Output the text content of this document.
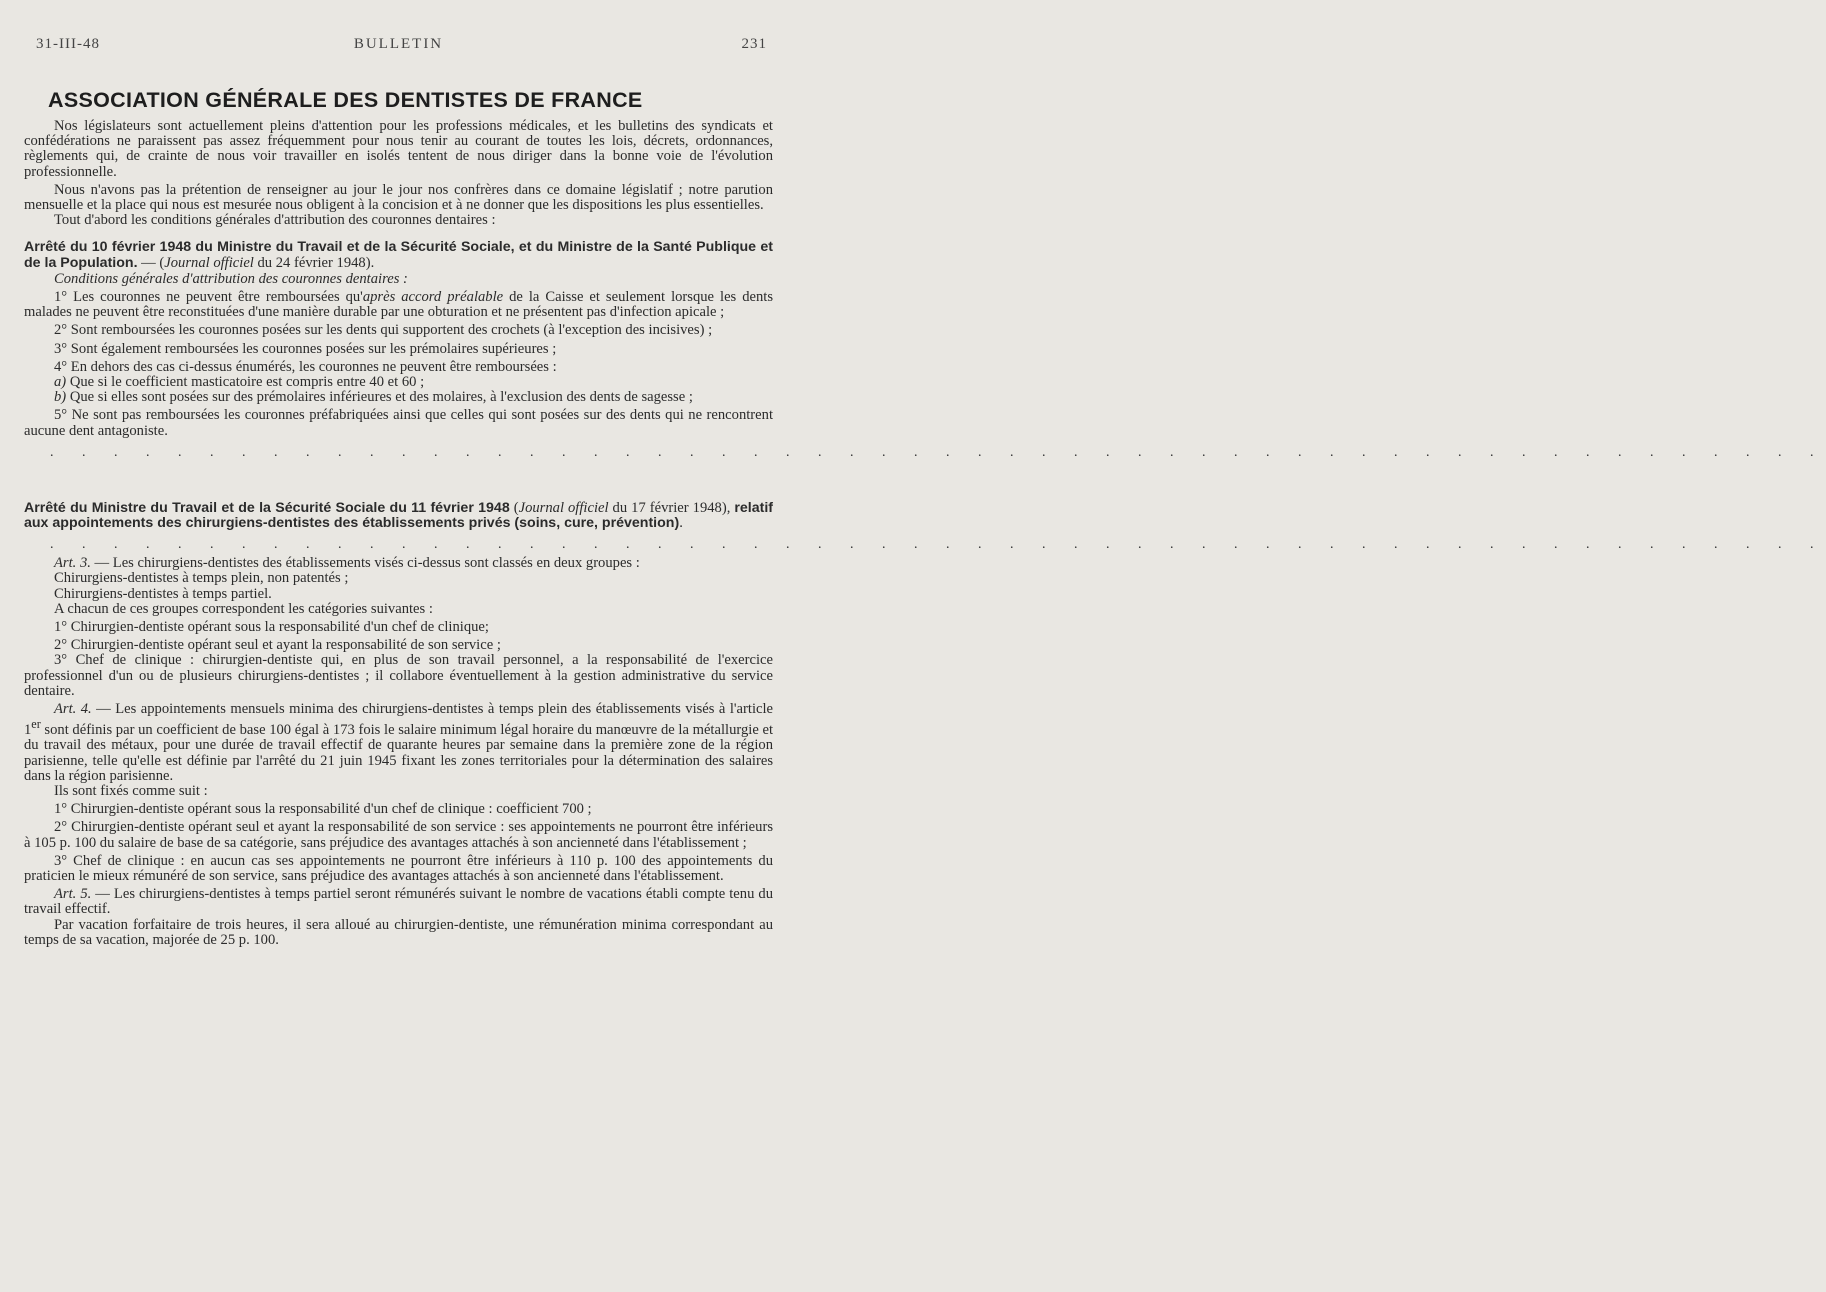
31-III-48	BULLETIN	231
ASSOCIATION GÉNÉRALE DES DENTISTES DE FRANCE

Nos législateurs sont actuellement pleins d'attention pour les professions médicales, et les bulletins des syndicats et confédérations ne paraissent pas assez fréquemment pour nous tenir au courant de toutes les lois, décrets, ordonnances, règlements qui, de crainte de nous voir travailler en isolés tentent de nous diriger dans la bonne voie de l'évolution professionnelle.

Nous n'avons pas la prétention de renseigner au jour le jour nos confrères dans ce domaine législatif ; notre parution mensuelle et la place qui nous est mesurée nous obligent à la concision et à ne donner que les dispositions les plus essentielles.

Tout d'abord les conditions générales d'attribution des couronnes dentaires :

Arrêté du 10 février 1948 du Ministre du Travail et de la Sécurité Sociale, et du Ministre de la Santé Publique et de la Population. — (Journal officiel du 24 février 1948).

Conditions générales d'attribution des couronnes dentaires :

1° Les couronnes ne peuvent être remboursées qu'après accord préalable de la Caisse et seulement lorsque les dents malades ne peuvent être reconstituées d'une manière durable par une obturation et ne présentent pas d'infection apicale ;

2° Sont remboursées les couronnes posées sur les dents qui supportent des crochets (à l'exception des incisives) ;

3° Sont également remboursées les couronnes posées sur les prémolaires supérieures ;

4° En dehors des cas ci-dessus énumérés, les couronnes ne peuvent être remboursées :

a) Que si le coefficient masticatoire est compris entre 40 et 60 ;

b) Que si elles sont posées sur des prémolaires inférieures et des molaires, à l'exclusion des dents de sagesse ;

5° Ne sont pas remboursées les couronnes préfabriquées ainsi que celles qui sont posées sur des dents qui ne rencontrent aucune dent antagoniste.

. . . . . . . . . . . . . . . . . . . . . . . . . . . . . . . . . . . . . . . . . . . . . . . . . . . . . . . .

Arrêté du Ministre du Travail et de la Sécurité Sociale du 11 février 1948 (Journal officiel du 17 février 1948), relatif aux appointements des chirurgiens-dentistes des établissements privés (soins, cure, prévention).

. . . . . . . . . . . . . . . . . . . . . . . . . . . . . . . . . . . . . . . . . . . . . . . . . . . . . . . .

Art. 3. — Les chirurgiens-dentistes des établissements visés ci-dessus sont classés en deux groupes :

Chirurgiens-dentistes à temps plein, non patentés ;

Chirurgiens-dentistes à temps partiel.

A chacun de ces groupes correspondent les catégories suivantes :

1° Chirurgien-dentiste opérant sous la responsabilité d'un chef de clinique;

2° Chirurgien-dentiste opérant seul et ayant la responsabilité de son service ;

3° Chef de clinique : chirurgien-dentiste qui, en plus de son travail personnel, a la responsabilité de l'exercice professionnel d'un ou de plusieurs chirurgiens-dentistes ; il collabore éventuellement à la gestion administrative du service dentaire.

Art. 4. — Les appointements mensuels minima des chirurgiens-dentistes à temps plein des établissements visés à l'article 1er sont définis par un coefficient de base 100 égal à 173 fois le salaire minimum légal horaire du manœuvre de la métallurgie et du travail des métaux, pour une durée de travail effectif de quarante heures par semaine dans la première zone de la région parisienne, telle qu'elle est définie par l'arrêté du 21 juin 1945 fixant les zones territoriales pour la détermination des salaires dans la région parisienne.

Ils sont fixés comme suit :

1° Chirurgien-dentiste opérant sous la responsabilité d'un chef de clinique : coefficient 700 ;

2° Chirurgien-dentiste opérant seul et ayant la responsabilité de son service : ses appointements ne pourront être inférieurs à 105 p. 100 du salaire de base de sa catégorie, sans préjudice des avantages attachés à son ancienneté dans l'établissement ;

3° Chef de clinique : en aucun cas ses appointements ne pourront être inférieurs à 110 p. 100 des appointements du praticien le mieux rémunéré de son service, sans préjudice des avantages attachés à son ancienneté dans l'établissement.

Art. 5. — Les chirurgiens-dentistes à temps partiel seront rémunérés suivant le nombre de vacations établi compte tenu du travail effectif.

Par vacation forfaitaire de trois heures, il sera alloué au chirurgien-dentiste, une rémunération minima correspondant au temps de sa vacation, majorée de 25 p. 100.
